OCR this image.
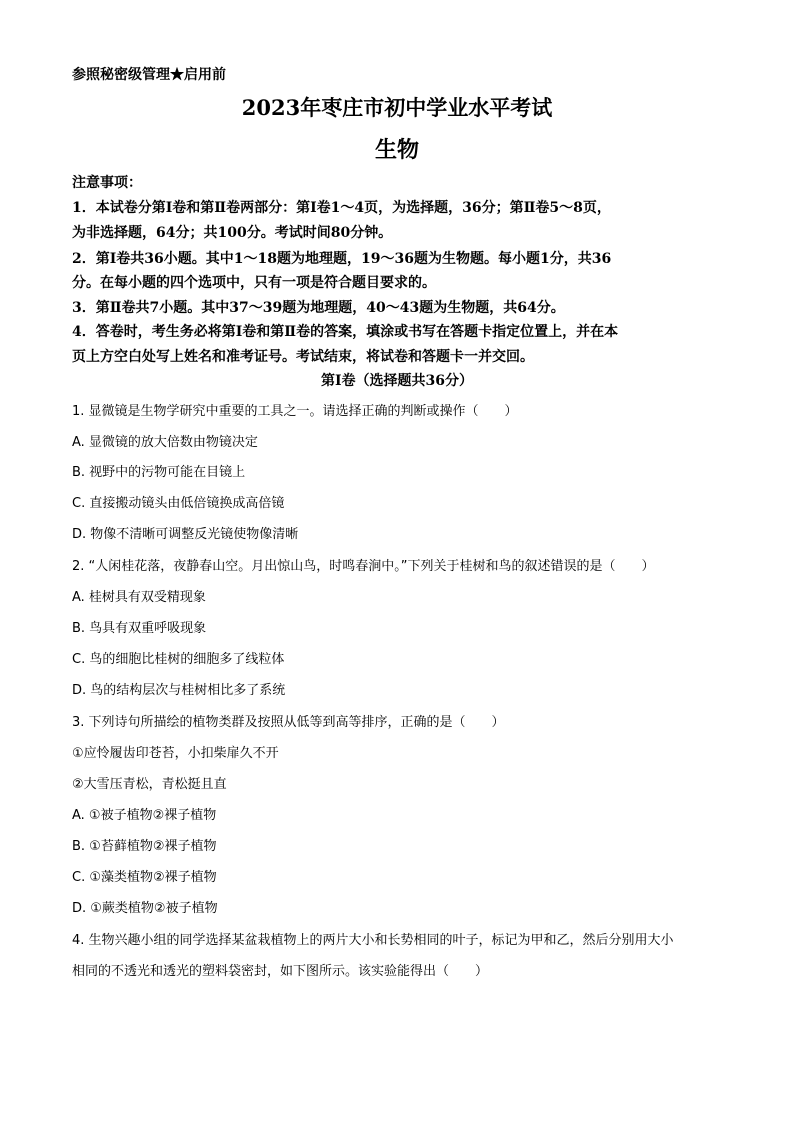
参照秘密级管理★启用前
2023年枣庄市初中学业水平考试
生物
注意事项：
1．本试卷分第Ⅰ卷和第Ⅱ卷两部分：第Ⅰ卷1～4页，为选择题，36分；第Ⅱ卷5～8页，
为非选择题，64分；共100分。考试时间80分钟。
2．第Ⅰ卷共36小题。其中1～18题为地理题，19～36题为生物题。每小题1分，共36
分。在每小题的四个选项中，只有一项是符合题目要求的。
3．第Ⅱ卷共7小题。其中37～39题为地理题，40～43题为生物题，共64分。
4．答卷时，考生务必将第Ⅰ卷和第Ⅱ卷的答案，填涂或书写在答题卡指定位置上，并在本
页上方空白处写上姓名和准考证号。考试结束，将试卷和答题卡一并交回。
第Ⅰ卷（选择题共36分）
1. 显微镜是生物学研究中重要的工具之一。请选择正确的判断或操作（　　）
A. 显微镜的放大倍数由物镜决定
B. 视野中的污物可能在目镜上
C. 直接搬动镜头由低倍镜换成高倍镜
D. 物像不清晰可调整反光镜使物像清晰
2. “人闲桂花落，夜静春山空。月出惊山鸟，时鸣春涧中。”下列关于桂树和鸟的叙述错误的是（　　）
A. 桂树具有双受精现象
B. 鸟具有双重呼吸现象
C. 鸟的细胞比桂树的细胞多了线粒体
D. 鸟的结构层次与桂树相比多了系统
3. 下列诗句所描绘的植物类群及按照从低等到高等排序，正确的是（　　）
①应怜履齿印苍苔，小扣柴扉久不开
②大雪压青松，青松挺且直
A. ①被子植物②裸子植物
B. ①苔藓植物②裸子植物
C. ①藻类植物②裸子植物
D. ①蕨类植物②被子植物
4. 生物兴趣小组的同学选择某盆栽植物上的两片大小和长势相同的叶子，标记为甲和乙，然后分别用大小
相同的不透光和透光的塑料袋密封，如下图所示。该实验能得出（　　）
